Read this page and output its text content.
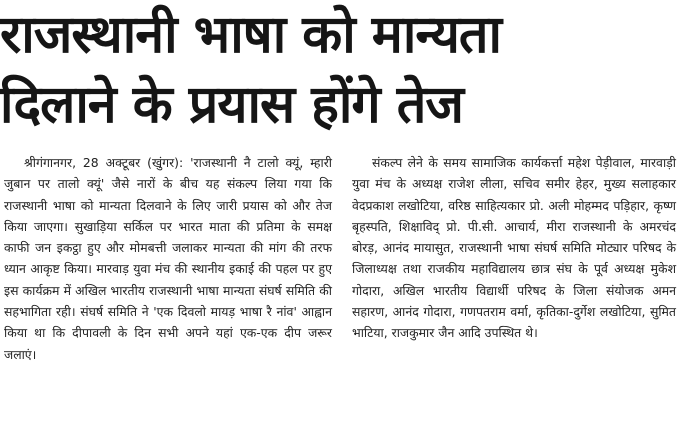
राजस्थानी भाषा को मान्यता
दिलाने के प्रयास होंगे तेज

श्रीगंगानगर, 28 अक्टूबर (खुंगर): 'राजस्थानी नै टालो क्यूं, म्हारी जुबान पर तालो क्यूं' जैसे नारों के बीच यह संकल्प लिया गया कि राजस्थानी भाषा को मान्यता दिलवाने के लिए जारी प्रयास को और तेज किया जाएगा। सुखाड़िया सर्किल पर भारत माता की प्रतिमा के समक्ष काफी जन इकट्ठा हुए और मोमबत्ती जलाकर मान्यता की मांग की तरफ ध्यान आकृष्ट किया। मारवाड़ युवा मंच की स्थानीय इकाई की पहल पर हुए इस कार्यक्रम में अखिल भारतीय राजस्थानी भाषा मान्यता संघर्ष समिति की सहभागिता रही। संघर्ष समिति ने 'एक दिवलो मायड़ भाषा रै नांव' आह्वान किया था कि दीपावली के दिन सभी अपने यहां एक-एक दीप जरूर जलाएं।

संकल्प लेने के समय सामाजिक कार्यकर्त्ता महेश पेड़ीवाल, मारवाड़ी युवा मंच के अध्यक्ष राजेश लीला, सचिव समीर हेहर, मुख्य सलाहकार वेदप्रकाश लखोटिया, वरिष्ठ साहित्यकार प्रो. अली मोहम्मद पड़िहार, कृष्ण बृहस्पति, शिक्षाविद् प्रो. पी.सी. आचार्य, मीरा राजस्थानी के अमरचंद बोरड़, आनंद मायासुत, राजस्थानी भाषा संघर्ष समिति मोट्यार परिषद के जिलाध्यक्ष तथा राजकीय महाविद्यालय छात्र संघ के पूर्व अध्यक्ष मुकेश गोदारा, अखिल भारतीय विद्यार्थी परिषद के जिला संयोजक अमन सहारण, आनंद गोदारा, गणपतराम वर्मा, कृतिका-दुर्गेश लखोटिया, सुमित भाटिया, राजकुमार जैन आदि उपस्थित थे।
